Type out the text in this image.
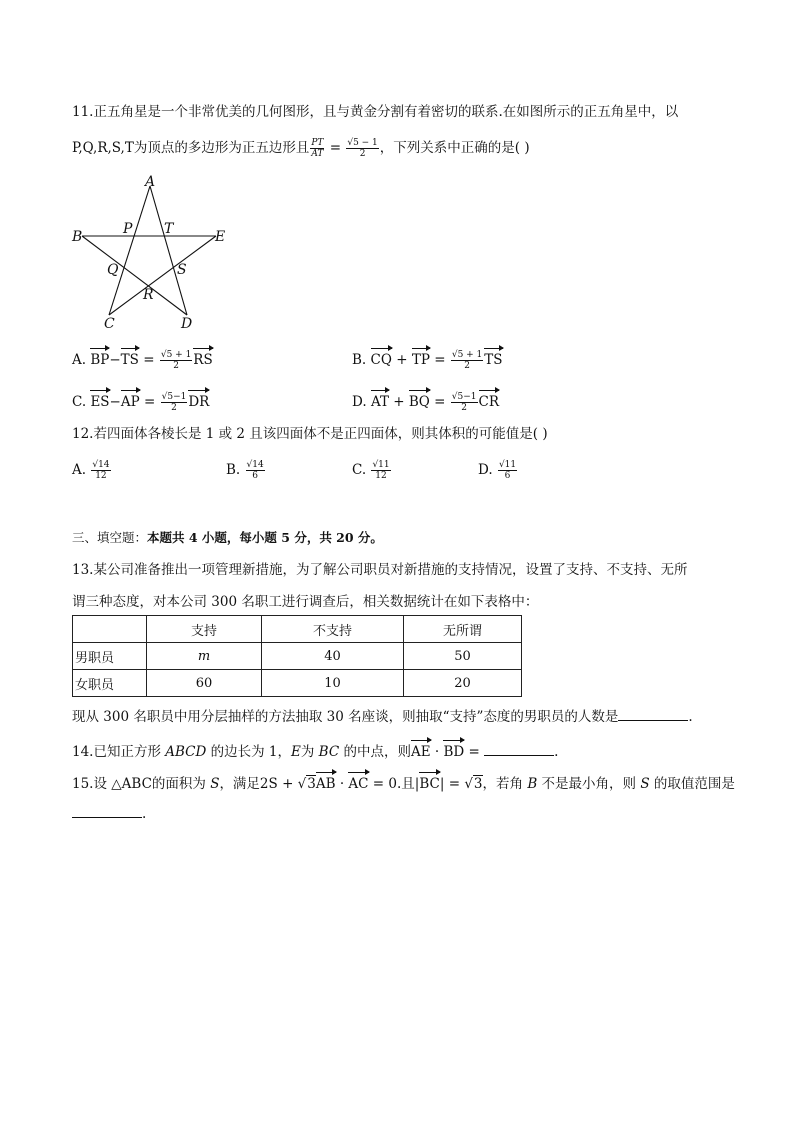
11.正五角星是一个非常优美的几何图形，且与黄金分割有着密切的联系.在如图所示的正五角星中，以
P,Q,R,S,T为顶点的多边形为正五边形且 $\frac{PT}{AT} = \frac{√5 - 1}{2}$ ，下列关系中正确的是( )
A
B
C	D
E
P T
Q	S
R
A. $BP-TS = \frac{√5 + 1}{2}$ RS	B. CQ + TP = $\frac{√5 + 1}{2}$ TS
C. $ES-AP = \frac{√5-1}{2}$ DR	D. AT + BQ = $\frac{√5-1}{2}$ CR
12.若四面体各棱长是 1 或 2 且该四面体不是正四面体，则其体积的可能值是( )
A. $\frac{√14}{12}$	B. $\frac{√14}{6}$	C. $\frac{√11}{12}$	D. $\frac{√11}{6}$
三、填空题：本题共 4 小题，每小题 5 分，共 20 分。
13.某公司准备推出一项管理新措施，为了解公司职员对新措施的支持情况，设置了支持、不支持、无所
谓三种态度，对本公司 300 名职工进行调查后，相关数据统计在如下表格中：
	支持	不支持	无所谓
男职员	m	40	50
女职员	60	10	20
现从 300 名职员中用分层抽样的方法抽取 30 名座谈，则抽取“支持”态度的男职员的人数是	.
14.已知正方形 ABCD 的边长为 1，E为 BC 的中点，则AE · BD =	.
15.设 △ABC的面积为 S，满足2S + √3AB · AC = 0.且|BC| = √3，若角 B 不是最小角，则 S 的取值范围是
.
